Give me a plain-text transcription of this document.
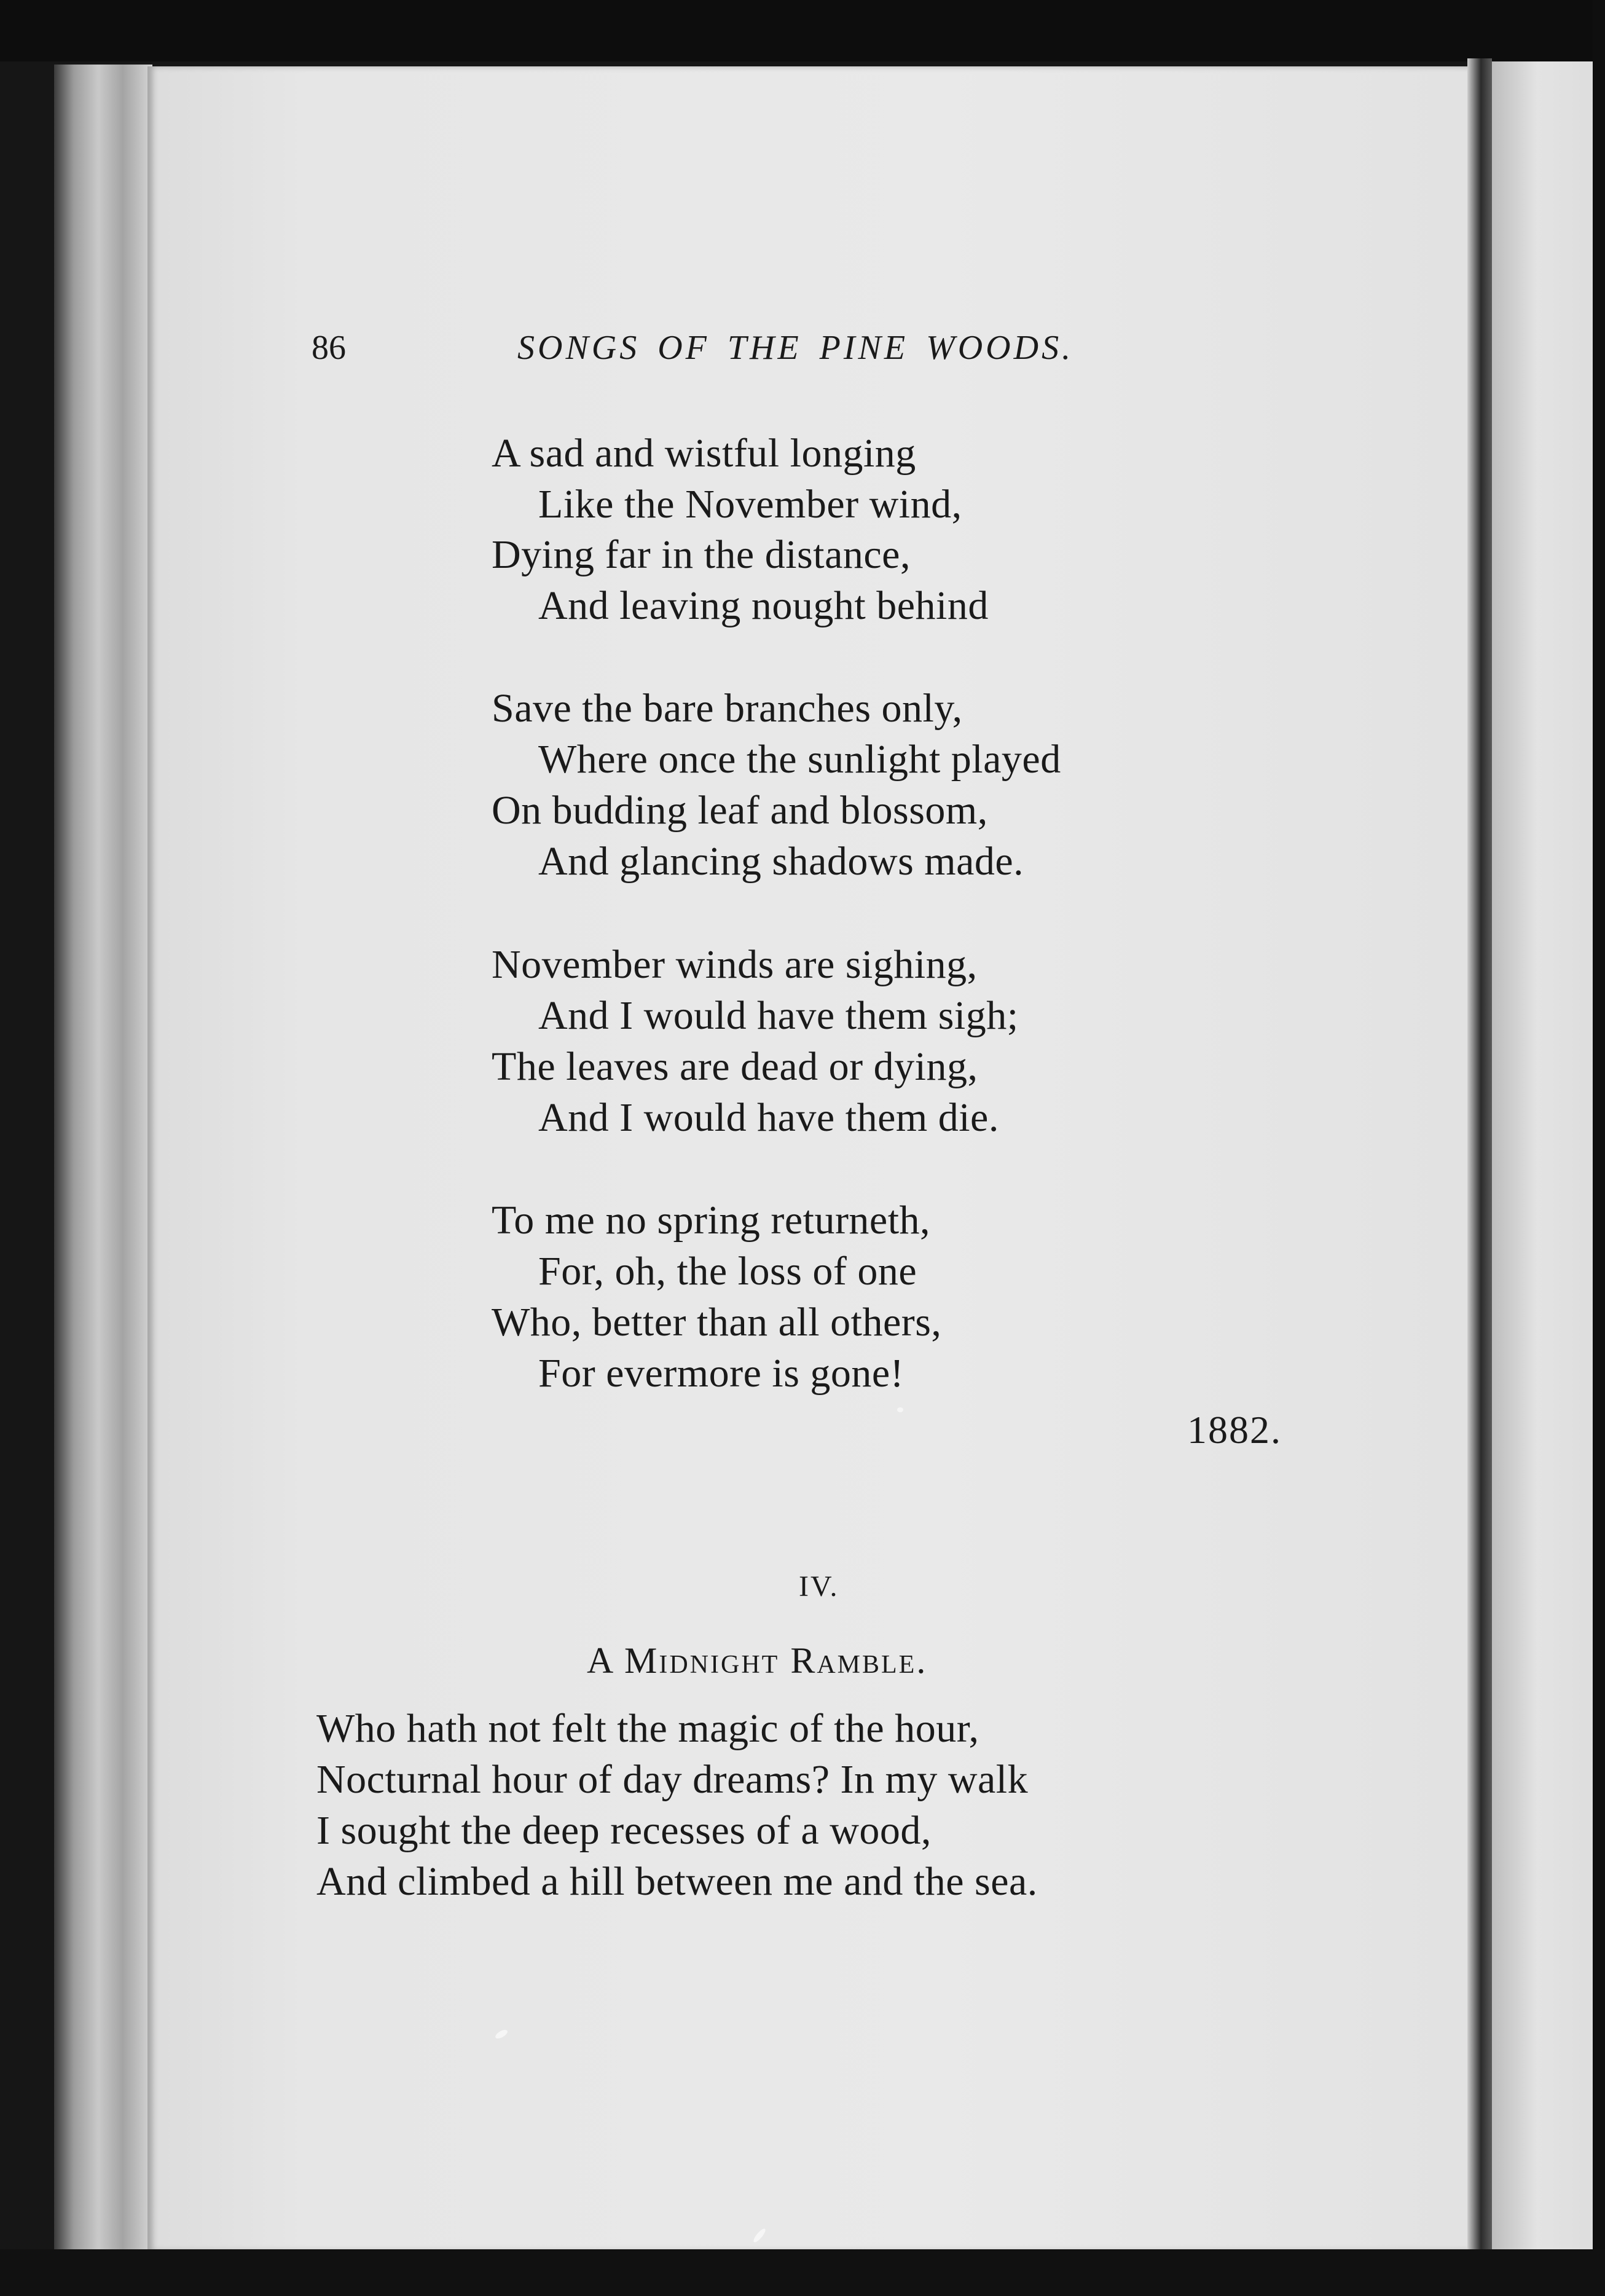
86	SONGS OF THE PINE WOODS.
A sad and wistful longing
Like the November wind,
Dying far in the distance,
And leaving nought behind
Save the bare branches only,
Where once the sunlight played
On budding leaf and blossom,
And glancing shadows made.
November winds are sighing,
And I would have them sigh;
The leaves are dead or dying,
And I would have them die.
To me no spring returneth,
For, oh, the loss of one
Who, better than all others,
For evermore is gone!
1882.
IV.
A Midnight Ramble.
Who hath not felt the magic of the hour,
Nocturnal hour of day dreams? In my walk
I sought the deep recesses of a wood,
And climbed a hill between me and the sea.
